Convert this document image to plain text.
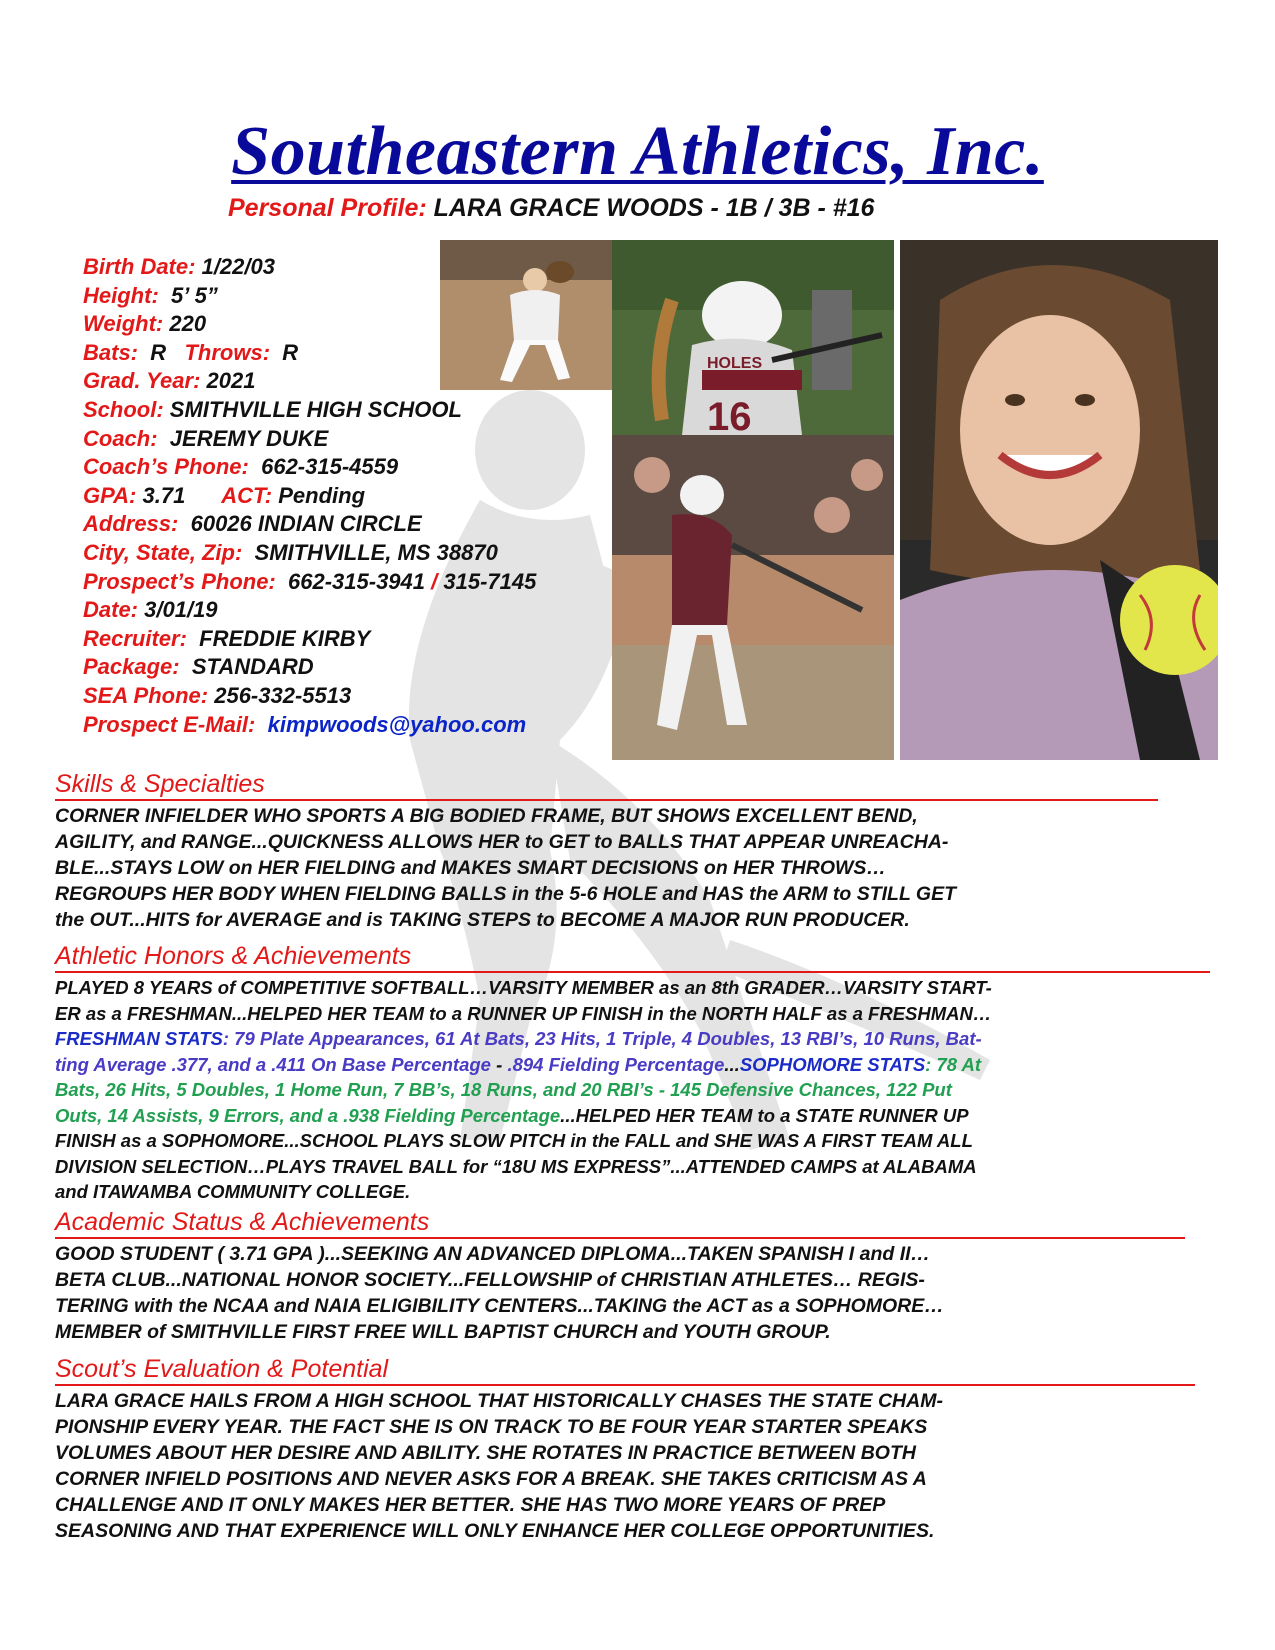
Southeastern Athletics, Inc.
Personal Profile: LARA GRACE WOODS - 1B / 3B - #16
Birth Date: 1/22/03
Height: 5’ 5”
Weight: 220
Bats: R Throws: R
Grad. Year: 2021
School: SMITHVILLE HIGH SCHOOL
Coach: JEREMY DUKE
Coach’s Phone: 662-315-4559
GPA: 3.71 ACT: Pending
Address: 60026 INDIAN CIRCLE
City, State, Zip: SMITHVILLE, MS 38870
Prospect’s Phone: 662-315-3941 / 315-7145
Date: 3/01/19
Recruiter: FREDDIE KIRBY
Package: STANDARD
SEA Phone: 256-332-5513
Prospect E-Mail: kimpwoods@yahoo.com
HOLES
16
Skills & Specialties
CORNER INFIELDER WHO SPORTS A BIG BODIED FRAME, BUT SHOWS EXCELLENT BEND,
AGILITY, and RANGE...QUICKNESS ALLOWS HER to GET to BALLS THAT APPEAR UNREACHA-
BLE...STAYS LOW on HER FIELDING and MAKES SMART DECISIONS on HER THROWS…
REGROUPS HER BODY WHEN FIELDING BALLS in the 5-6 HOLE and HAS the ARM to STILL GET
the OUT...HITS for AVERAGE and is TAKING STEPS to BECOME A MAJOR RUN PRODUCER.
Athletic Honors & Achievements
PLAYED 8 YEARS of COMPETITIVE SOFTBALL…VARSITY MEMBER as an 8th GRADER…VARSITY START-
ER as a FRESHMAN...HELPED HER TEAM to a RUNNER UP FINISH in the NORTH HALF as a FRESHMAN…
FRESHMAN STATS: 79 Plate Appearances, 61 At Bats, 23 Hits, 1 Triple, 4 Doubles, 13 RBI’s, 10 Runs, Bat-
ting Average .377, and a .411 On Base Percentage - .894 Fielding Percentage...SOPHOMORE STATS: 78 At
Bats, 26 Hits, 5 Doubles, 1 Home Run, 7 BB’s, 18 Runs, and 20 RBI’s - 145 Defensive Chances, 122 Put
Outs, 14 Assists, 9 Errors, and a .938 Fielding Percentage...HELPED HER TEAM to a STATE RUNNER UP
FINISH as a SOPHOMORE...SCHOOL PLAYS SLOW PITCH in the FALL and SHE WAS A FIRST TEAM ALL
DIVISION SELECTION…PLAYS TRAVEL BALL for “18U MS EXPRESS”...ATTENDED CAMPS at ALABAMA
and ITAWAMBA COMMUNITY COLLEGE.
Academic Status & Achievements
GOOD STUDENT ( 3.71 GPA )...SEEKING AN ADVANCED DIPLOMA...TAKEN SPANISH I and II…
BETA CLUB...NATIONAL HONOR SOCIETY...FELLOWSHIP of CHRISTIAN ATHLETES… REGIS-
TERING with the NCAA and NAIA ELIGIBILITY CENTERS...TAKING the ACT as a SOPHOMORE…
MEMBER of SMITHVILLE FIRST FREE WILL BAPTIST CHURCH and YOUTH GROUP.
Scout’s Evaluation & Potential
LARA GRACE HAILS FROM A HIGH SCHOOL THAT HISTORICALLY CHASES THE STATE CHAM-
PIONSHIP EVERY YEAR. THE FACT SHE IS ON TRACK TO BE FOUR YEAR STARTER SPEAKS
VOLUMES ABOUT HER DESIRE AND ABILITY. SHE ROTATES IN PRACTICE BETWEEN BOTH
CORNER INFIELD POSITIONS AND NEVER ASKS FOR A BREAK. SHE TAKES CRITICISM AS A
CHALLENGE AND IT ONLY MAKES HER BETTER. SHE HAS TWO MORE YEARS OF PREP
SEASONING AND THAT EXPERIENCE WILL ONLY ENHANCE HER COLLEGE OPPORTUNITIES.
